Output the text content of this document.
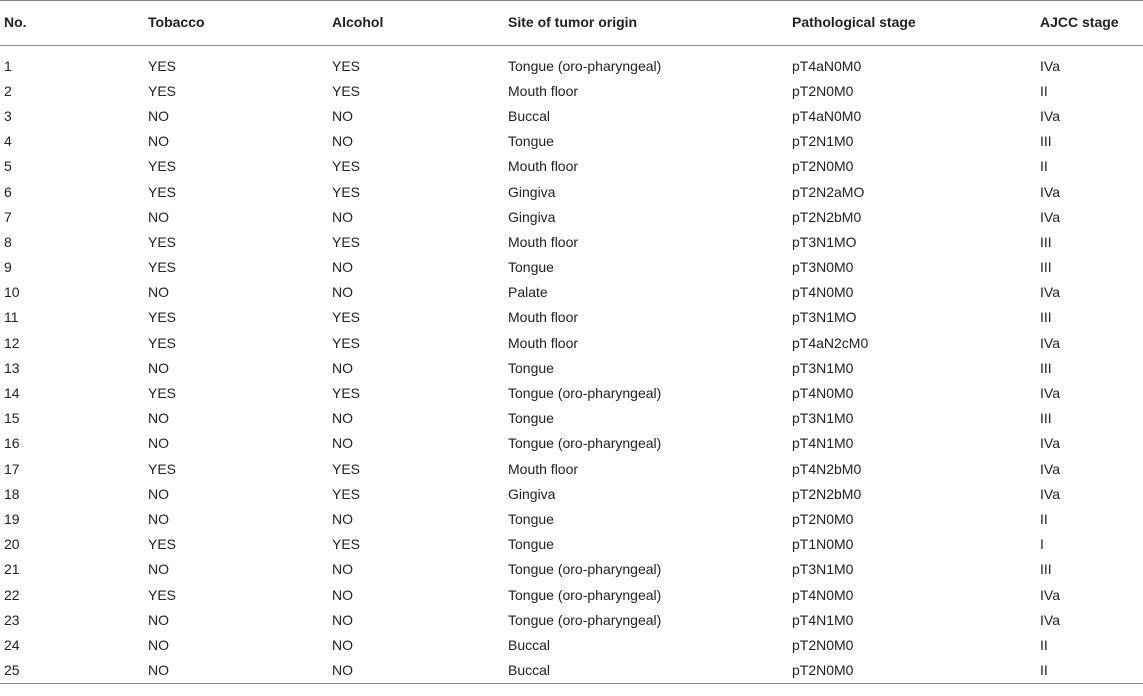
No.	Tobacco	Alcohol	Site of tumor origin	Pathological stage	AJCC stage

1	YES	YES	Tongue (oro-pharyngeal)	pT4aN0M0	IVa
2	YES	YES	Mouth floor	pT2N0M0	II
3	NO	NO	Buccal	pT4aN0M0	IVa
4	NO	NO	Tongue	pT2N1M0	III
5	YES	YES	Mouth floor	pT2N0M0	II
6	YES	YES	Gingiva	pT2N2aMO	IVa
7	NO	NO	Gingiva	pT2N2bM0	IVa
8	YES	YES	Mouth floor	pT3N1MO	III
9	YES	NO	Tongue	pT3N0M0	III
10	NO	NO	Palate	pT4N0M0	IVa
11	YES	YES	Mouth floor	pT3N1MO	III
12	YES	YES	Mouth floor	pT4aN2cM0	IVa
13	NO	NO	Tongue	pT3N1M0	III
14	YES	YES	Tongue (oro-pharyngeal)	pT4N0M0	IVa
15	NO	NO	Tongue	pT3N1M0	III
16	NO	NO	Tongue (oro-pharyngeal)	pT4N1M0	IVa
17	YES	YES	Mouth floor	pT4N2bM0	IVa
18	NO	YES	Gingiva	pT2N2bM0	IVa
19	NO	NO	Tongue	pT2N0M0	II
20	YES	YES	Tongue	pT1N0M0	I
21	NO	NO	Tongue (oro-pharyngeal)	pT3N1M0	III
22	YES	NO	Tongue (oro-pharyngeal)	pT4N0M0	IVa
23	NO	NO	Tongue (oro-pharyngeal)	pT4N1M0	IVa
24	NO	NO	Buccal	pT2N0M0	II
25	NO	NO	Buccal	pT2N0M0	II
